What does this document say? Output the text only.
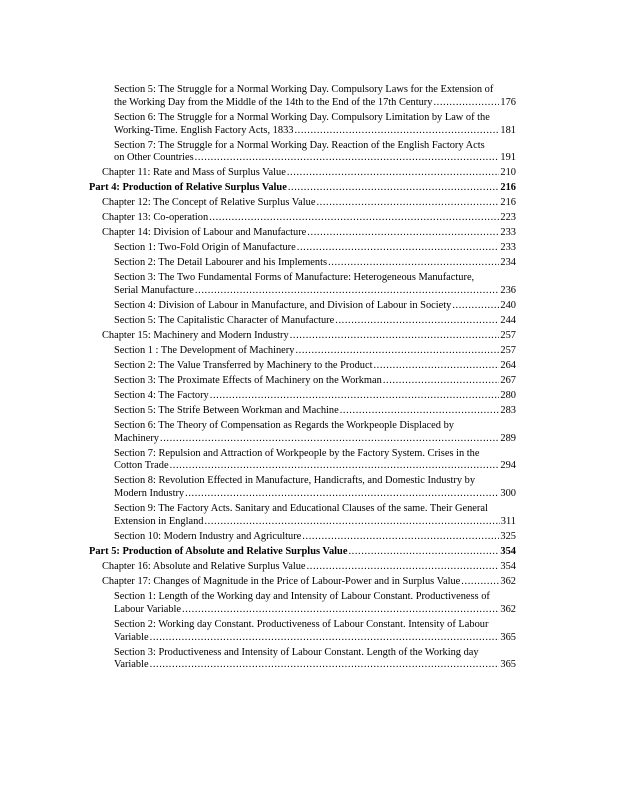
Section 5: The Struggle for a Normal Working Day. Compulsory Laws for the Extension of
the Working Day from the Middle of the 14th to the End of the 17th Century .....	176
Section 6: The Struggle for a Normal Working Day. Compulsory Limitation by Law of the
Working-Time. English Factory Acts, 1833 .....	181
Section 7: The Struggle for a Normal Working Day. Reaction of the English Factory Acts
on Other Countries .....	191
Chapter 11: Rate and Mass of Surplus Value .....	210
Part 4: Production of Relative Surplus Value .....	216
Chapter 12: The Concept of Relative Surplus Value .....	216
Chapter 13: Co-operation .....	223
Chapter 14: Division of Labour and Manufacture .....	233
Section 1: Two-Fold Origin of Manufacture .....	233
Section 2: The Detail Labourer and his Implements .....	234
Section 3: The Two Fundamental Forms of Manufacture: Heterogeneous Manufacture,
Serial Manufacture .....	236
Section 4: Division of Labour in Manufacture, and Division of Labour in Society .....	240
Section 5: The Capitalistic Character of Manufacture .....	244
Chapter 15: Machinery and Modern Industry .....	257
Section 1 : The Development of Machinery .....	257
Section 2: The Value Transferred by Machinery to the Product .....	264
Section 3: The Proximate Effects of Machinery on the Workman .....	267
Section 4: The Factory .....	280
Section 5: The Strife Between Workman and Machine .....	283
Section 6: The Theory of Compensation as Regards the Workpeople Displaced by
Machinery .....	289
Section 7: Repulsion and Attraction of Workpeople by the Factory System. Crises in the
Cotton Trade .....	294
Section 8: Revolution Effected in Manufacture, Handicrafts, and Domestic Industry by
Modern Industry .....	300
Section 9: The Factory Acts. Sanitary and Educational Clauses of the same. Their General
Extension in England .....	311
Section 10: Modern Industry and Agriculture .....	325
Part 5: Production of Absolute and Relative Surplus Value .....	354
Chapter 16: Absolute and Relative Surplus Value .....	354
Chapter 17: Changes of Magnitude in the Price of Labour-Power and in Surplus Value .....	362
Section 1: Length of the Working day and Intensity of Labour Constant. Productiveness of
Labour Variable .....	362
Section 2: Working day Constant. Productiveness of Labour Constant. Intensity of Labour
Variable .....	365
Section 3: Productiveness and Intensity of Labour Constant. Length of the Working day
Variable .....	365
